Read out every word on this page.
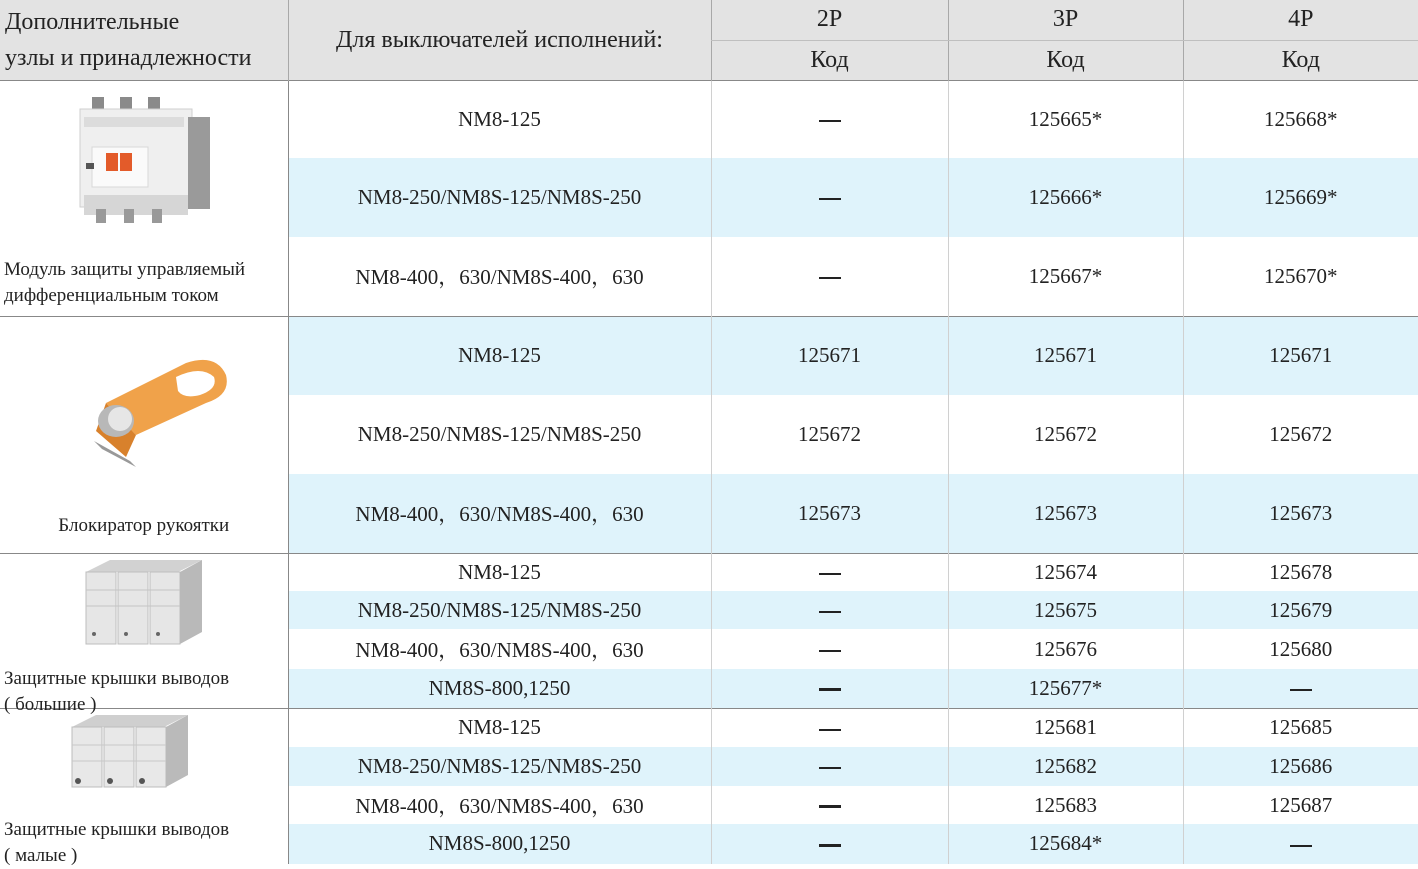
Дополнительные
узлы и принадлежности	Для выключателей исполнений:	2P	3P	4P
		Код	Код	Код

Модуль защиты управляемый
дифференциальным током	NM8-125		125665*	125668*
	NM8-250/NM8S-125/NM8S-250		125666*	125669*
	NM8-400，630/NM8S-400，630		125667*	125670*

Блокиратор рукоятки	NM8-125	125671	125671	125671
	NM8-250/NM8S-125/NM8S-250	125672	125672	125672
	NM8-400，630/NM8S-400，630	125673	125673	125673

Защитные крышки выводов
( большие )	NM8-125		125674	125678
	NM8-250/NM8S-125/NM8S-250		125675	125679
	NM8-400，630/NM8S-400，630		125676	125680
	NM8S-800,1250		125677*	

Защитные крышки выводов
( малые )	NM8-125		125681	125685
	NM8-250/NM8S-125/NM8S-250		125682	125686
	NM8-400，630/NM8S-400，630		125683	125687
	NM8S-800,1250		125684*	
